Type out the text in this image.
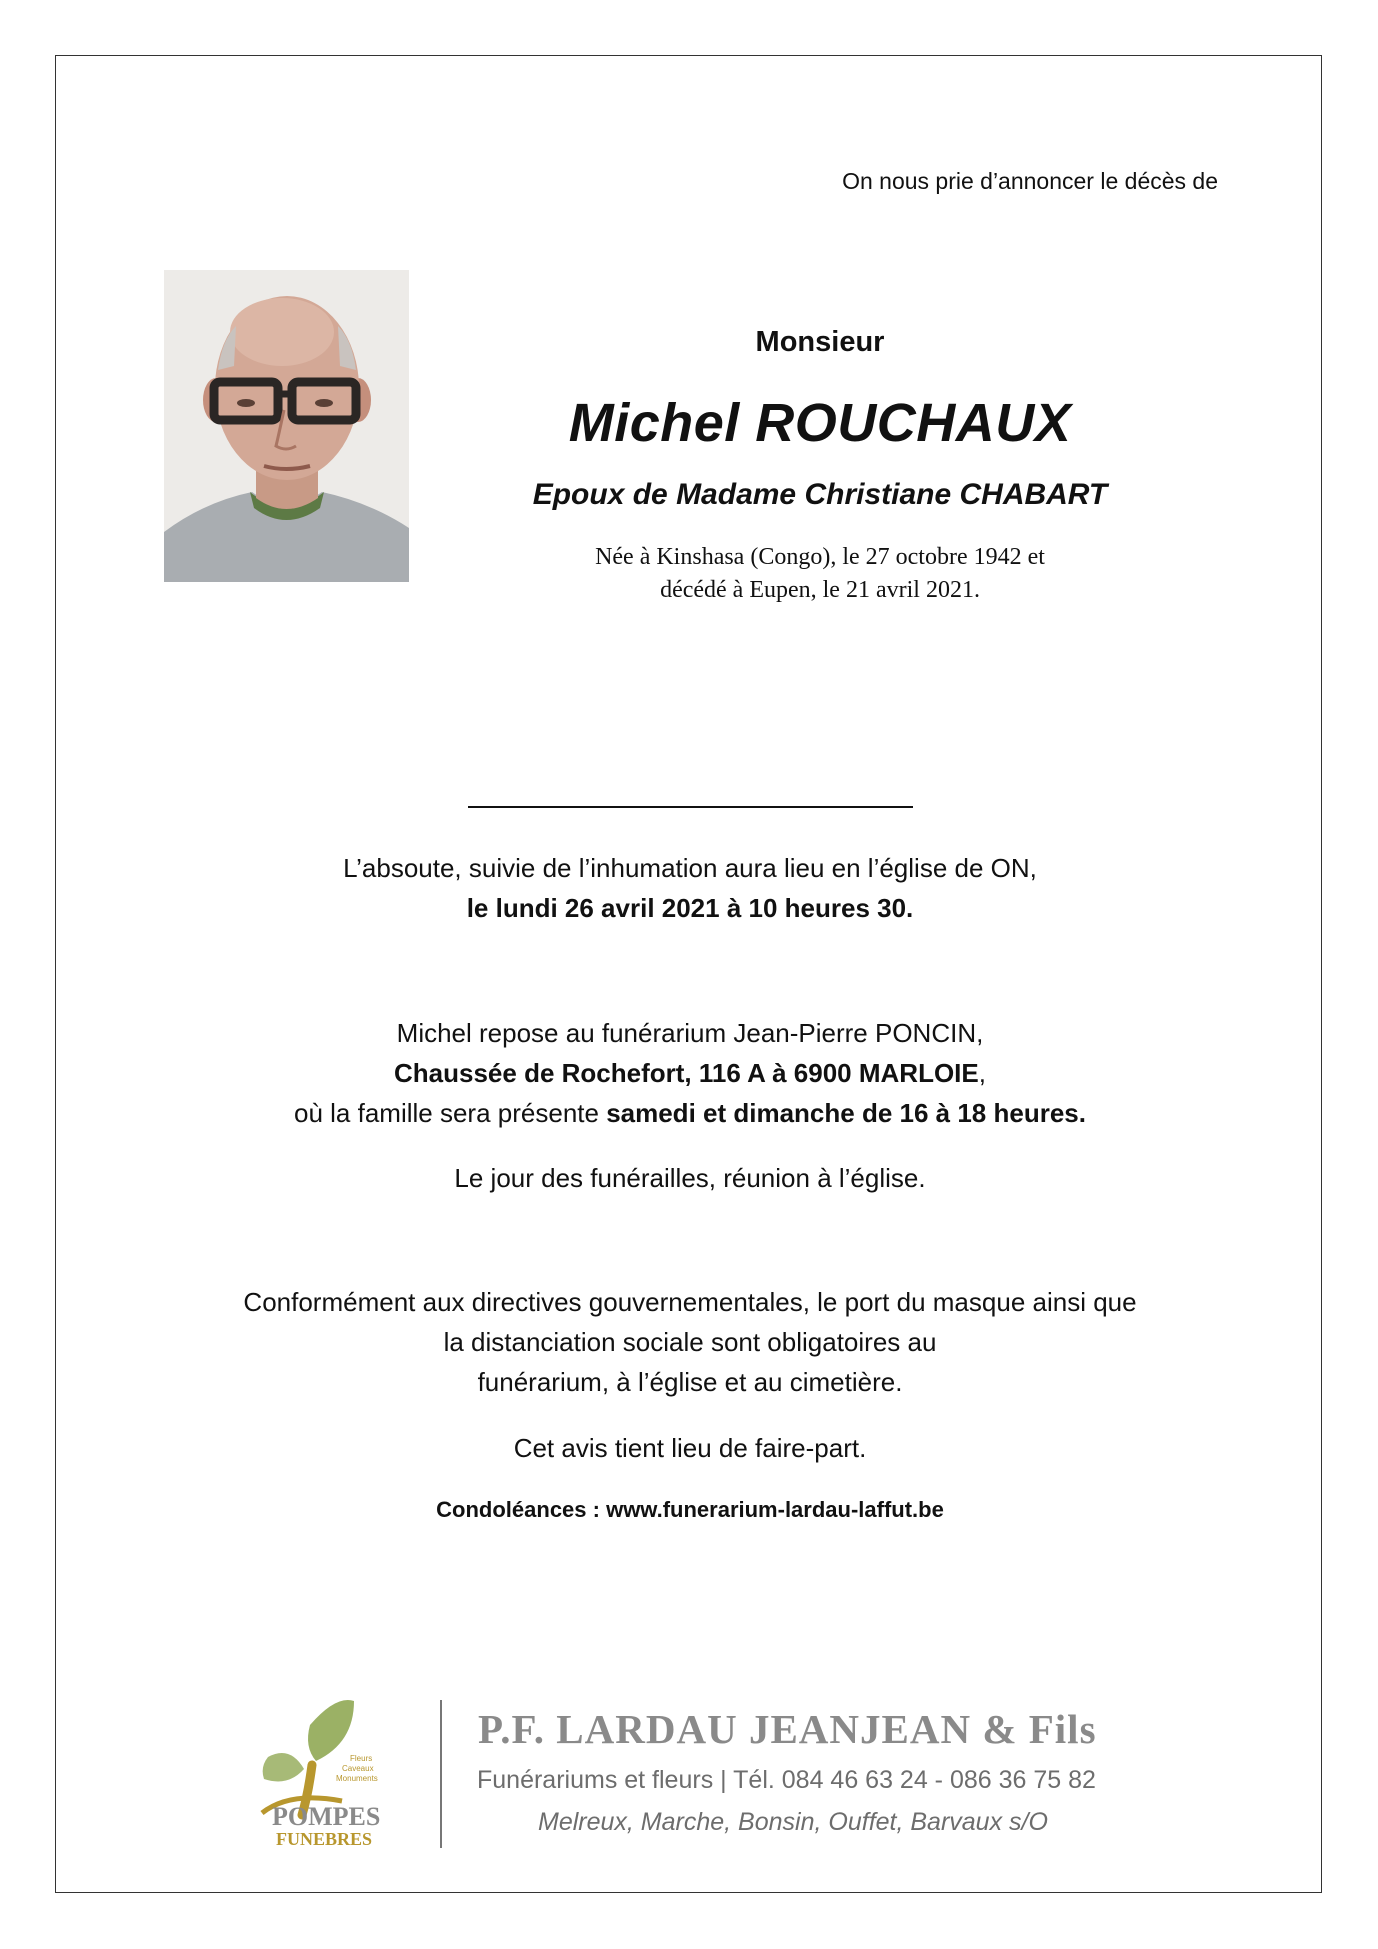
On nous prie d’annoncer le décès de
Monsieur
Michel ROUCHAUX
Epoux de Madame Christiane CHABART
Née à Kinshasa (Congo), le 27 octobre 1942 et
décédé à Eupen, le 21 avril 2021.
L’absoute, suivie de l’inhumation aura lieu en l’église de ON,
le lundi 26 avril 2021 à 10 heures 30.
Michel repose au funérarium Jean-Pierre PONCIN,
Chaussée de Rochefort, 116 A à 6900 MARLOIE,
où la famille sera présente samedi et dimanche de 16 à 18 heures.
Le jour des funérailles, réunion à l’église.
Conformément aux directives gouvernementales, le port du masque ainsi que
la distanciation sociale sont obligatoires au
funérarium, à l’église et au cimetière.
Cet avis tient lieu de faire-part.
Condoléances : www.funerarium-lardau-laffut.be
Fleurs
Caveaux
Monuments
POMPES
FUNEBRES
P.F. LARDAU JEANJEAN & Fils
Funérariums et fleurs | Tél. 084 46 63 24 - 086 36 75 82
Melreux, Marche, Bonsin, Ouffet, Barvaux s/O
